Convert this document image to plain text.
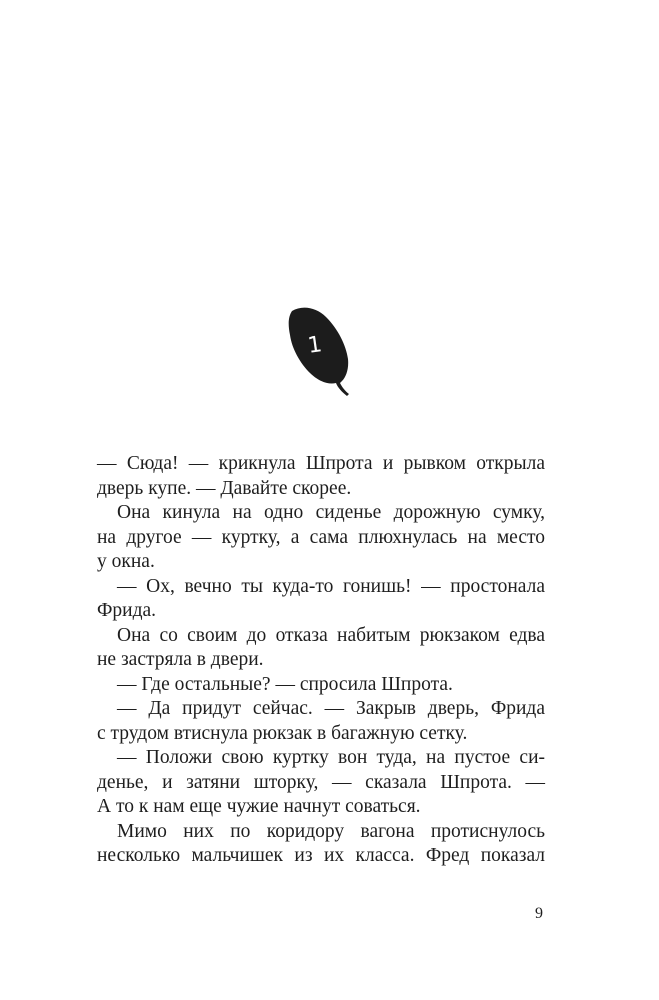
1
— Сюда! — крикнула Шпрота и рывком открыла
дверь купе. — Давайте скорее.
Она кинула на одно сиденье дорожную сумку,
на другое — куртку, а сама плюхнулась на место
у окна.
— Ох, вечно ты куда-то гонишь! — простонала
Фрида.
Она со своим до отказа набитым рюкзаком едва
не застряла в двери.
— Где остальные? — спросила Шпрота.
— Да придут сейчас. — Закрыв дверь, Фрида
с трудом втиснула рюкзак в багажную сетку.
— Положи свою куртку вон туда, на пустое си-
денье, и затяни шторку, — сказала Шпрота. —
А то к нам еще чужие начнут соваться.
Мимо них по коридору вагона протиснулось
несколько мальчишек из их класса. Фред показал
9
